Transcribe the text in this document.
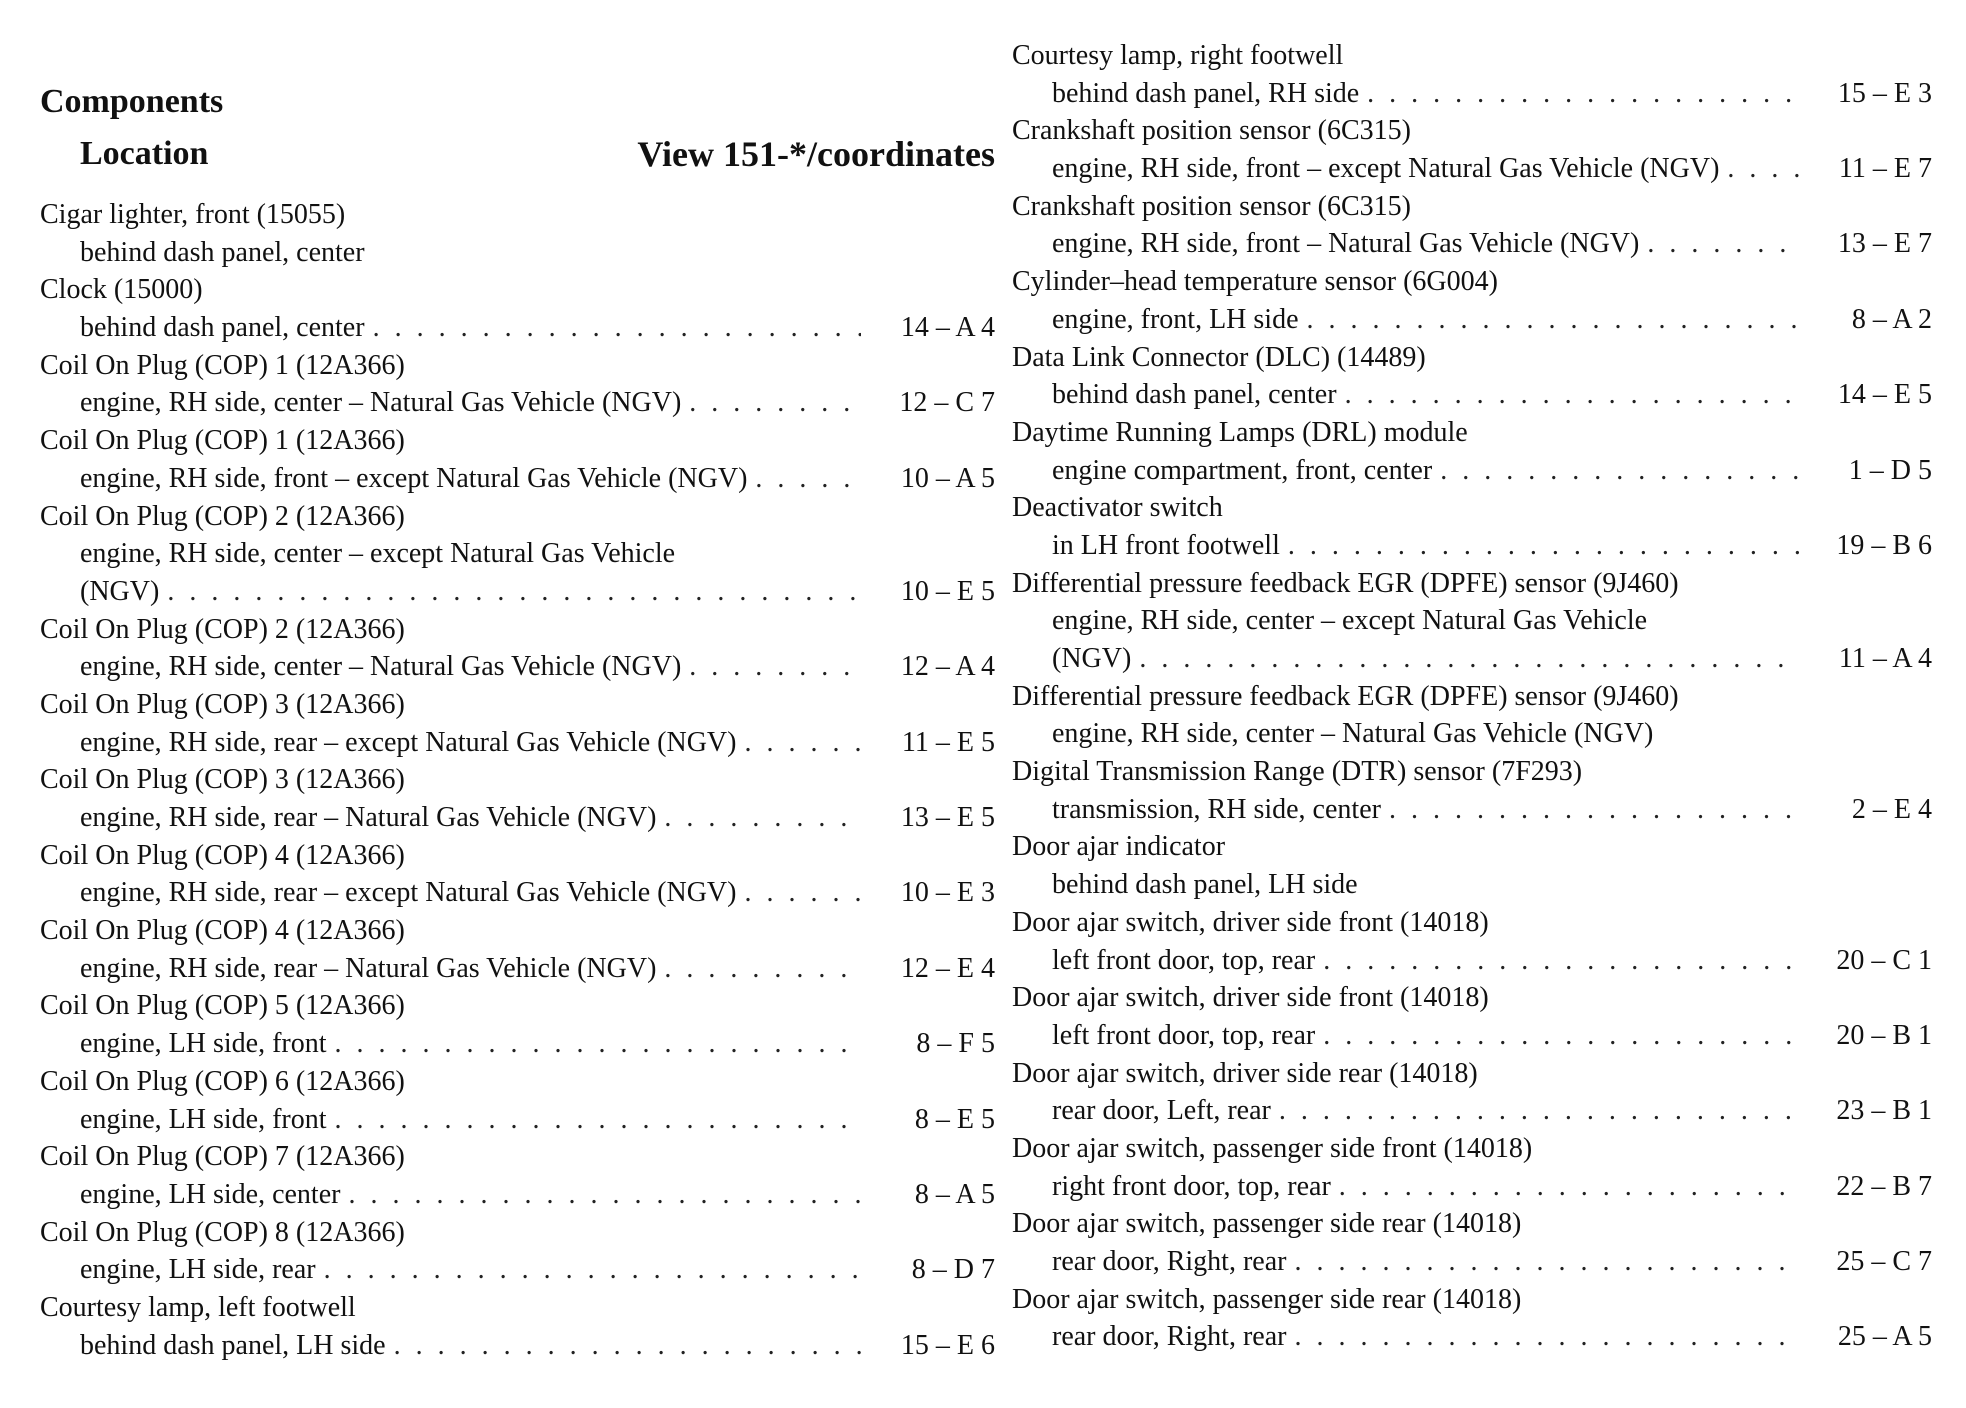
Components
Location	View 151-*/coordinates
Cigar lighter, front (15055)
behind dash panel, center
Clock (15000)
behind dash panel, center . . .	14 – A 4
Coil On Plug (COP) 1 (12A366)
engine, RH side, center – Natural Gas Vehicle (NGV) . . .	12 – C 7
Coil On Plug (COP) 1 (12A366)
engine, RH side, front – except Natural Gas Vehicle (NGV) . . .	10 – A 5
Coil On Plug (COP) 2 (12A366)
engine, RH side, center – except Natural Gas Vehicle
(NGV) . . .	10 – E 5
Coil On Plug (COP) 2 (12A366)
engine, RH side, center – Natural Gas Vehicle (NGV) . . .	12 – A 4
Coil On Plug (COP) 3 (12A366)
engine, RH side, rear – except Natural Gas Vehicle (NGV) . . .	11 – E 5
Coil On Plug (COP) 3 (12A366)
engine, RH side, rear – Natural Gas Vehicle (NGV) . . .	13 – E 5
Coil On Plug (COP) 4 (12A366)
engine, RH side, rear – except Natural Gas Vehicle (NGV) . . .	10 – E 3
Coil On Plug (COP) 4 (12A366)
engine, RH side, rear – Natural Gas Vehicle (NGV) . . .	12 – E 4
Coil On Plug (COP) 5 (12A366)
engine, LH side, front . . .	8 – F 5
Coil On Plug (COP) 6 (12A366)
engine, LH side, front . . .	8 – E 5
Coil On Plug (COP) 7 (12A366)
engine, LH side, center . . .	8 – A 5
Coil On Plug (COP) 8 (12A366)
engine, LH side, rear . . .	8 – D 7
Courtesy lamp, left footwell
behind dash panel, LH side . . .	15 – E 6
Courtesy lamp, right footwell
behind dash panel, RH side . . .	15 – E 3
Crankshaft position sensor (6C315)
engine, RH side, front – except Natural Gas Vehicle (NGV) . . .	11 – E 7
Crankshaft position sensor (6C315)
engine, RH side, front – Natural Gas Vehicle (NGV) . . .	13 – E 7
Cylinder–head temperature sensor (6G004)
engine, front, LH side . . .	8 – A 2
Data Link Connector (DLC) (14489)
behind dash panel, center . . .	14 – E 5
Daytime Running Lamps (DRL) module
engine compartment, front, center . . .	1 – D 5
Deactivator switch
in LH front footwell . . .	19 – B 6
Differential pressure feedback EGR (DPFE) sensor (9J460)
engine, RH side, center – except Natural Gas Vehicle
(NGV) . . .	11 – A 4
Differential pressure feedback EGR (DPFE) sensor (9J460)
engine, RH side, center – Natural Gas Vehicle (NGV)
Digital Transmission Range (DTR) sensor (7F293)
transmission, RH side, center . . .	2 – E 4
Door ajar indicator
behind dash panel, LH side
Door ajar switch, driver side front (14018)
left front door, top, rear . . .	20 – C 1
Door ajar switch, driver side front (14018)
left front door, top, rear . . .	20 – B 1
Door ajar switch, driver side rear (14018)
rear door, Left, rear . . .	23 – B 1
Door ajar switch, passenger side front (14018)
right front door, top, rear . . .	22 – B 7
Door ajar switch, passenger side rear (14018)
rear door, Right, rear . . .	25 – C 7
Door ajar switch, passenger side rear (14018)
rear door, Right, rear . . .	25 – A 5
